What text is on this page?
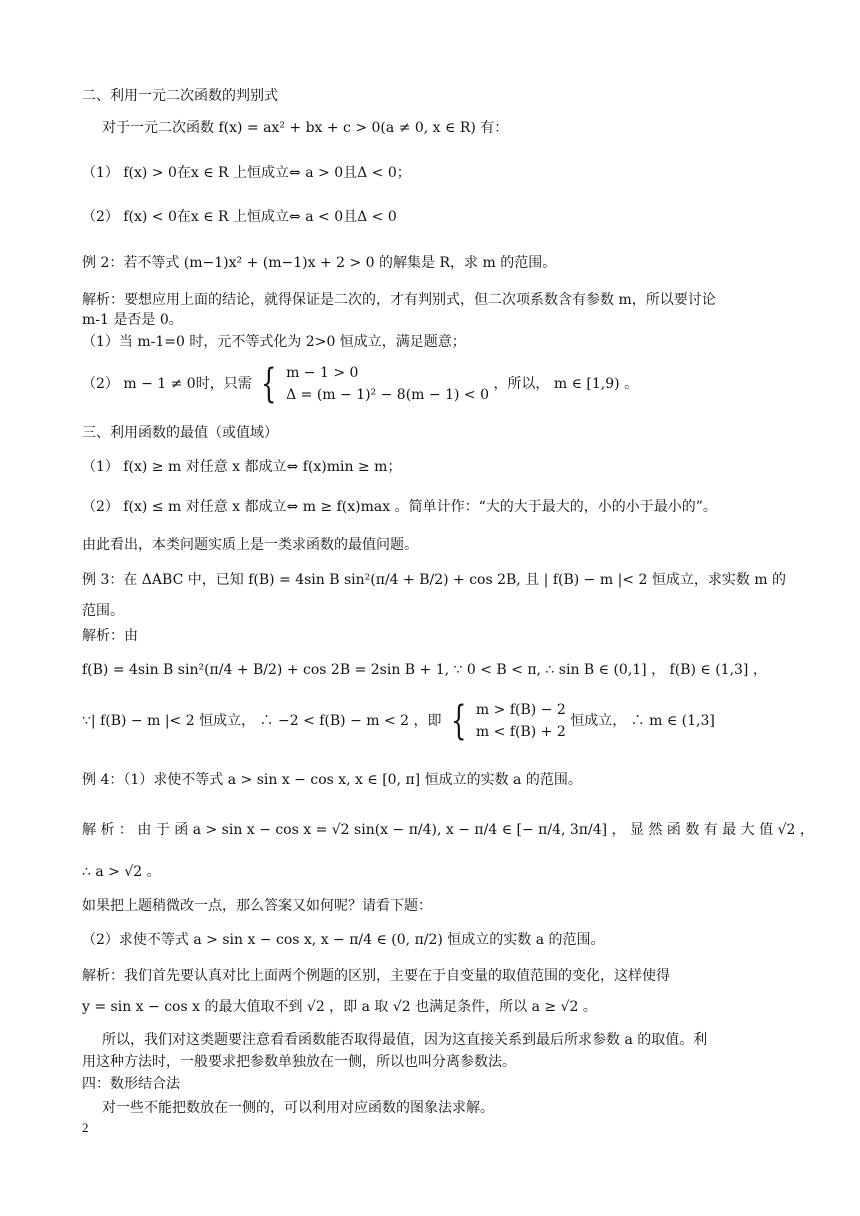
二、利用一元二次函数的判别式
对于一元二次函数 f(x) = ax² + bx + c > 0(a ≠ 0, x ∈ R) 有：
（1） f(x) > 0在x ∈ R 上恒成立⇔ a > 0且Δ < 0；
（2） f(x) < 0在x ∈ R 上恒成立⇔ a < 0且Δ < 0
例 2：若不等式 (m−1)x² + (m−1)x + 2 > 0 的解集是 R，求 m 的范围。
解析：要想应用上面的结论，就得保证是二次的，才有判别式，但二次项系数含有参数 m，所以要讨论
m-1 是否是 0。
（1）当 m-1=0 时，元不等式化为 2>0 恒成立，满足题意；
（2） m − 1 ≠ 0时，只需 { m − 1 > 0
Δ = (m − 1)² − 8(m − 1) < 0
，所以， m ∈ [1,9) 。
三、利用函数的最值（或值域）
（1） f(x) ≥ m 对任意 x 都成立⇔ f(x)min ≥ m；
（2） f(x) ≤ m 对任意 x 都成立⇔ m ≥ f(x)max 。简单计作：“大的大于最大的，小的小于最小的”。
由此看出，本类问题实质上是一类求函数的最值问题。
例 3：在 ΔABC 中，已知 f(B) = 4sin B sin²(π/4 + B/2) + cos 2B, 且 | f(B) − m |< 2 恒成立，求实数 m 的
范围。
解析：由
f(B) = 4sin B sin²(π/4 + B/2) + cos 2B = 2sin B + 1, ∵ 0 < B < π, ∴ sin B ∈ (0,1] ， f(B) ∈ (1,3] ，
∵| f(B) − m |< 2 恒成立， ∴ −2 < f(B) − m < 2 ，即 { m > f(B) − 2
m < f(B) + 2
恒成立， ∴ m ∈ (1,3]
例 4：（1）求使不等式 a > sin x − cos x, x ∈ [0, π] 恒成立的实数 a 的范围。
解 析 ： 由 于 函 a > sin x − cos x = √2 sin(x − π/4), x − π/4 ∈ [− π/4, 3π/4] ， 显 然 函 数 有 最 大 值 √2 ，
∴ a > √2 。
如果把上题稍微改一点，那么答案又如何呢？请看下题：
（2）求使不等式 a > sin x − cos x, x − π/4 ∈ (0, π/2) 恒成立的实数 a 的范围。
解析：我们首先要认真对比上面两个例题的区别，主要在于自变量的取值范围的变化，这样使得
y = sin x − cos x 的最大值取不到 √2 ，即 a 取 √2 也满足条件，所以 a ≥ √2 。
所以，我们对这类题要注意看看函数能否取得最值，因为这直接关系到最后所求参数 a 的取值。利
用这种方法时，一般要求把参数单独放在一侧，所以也叫分离参数法。
四：数形结合法
对一些不能把数放在一侧的，可以利用对应函数的图象法求解。
2
